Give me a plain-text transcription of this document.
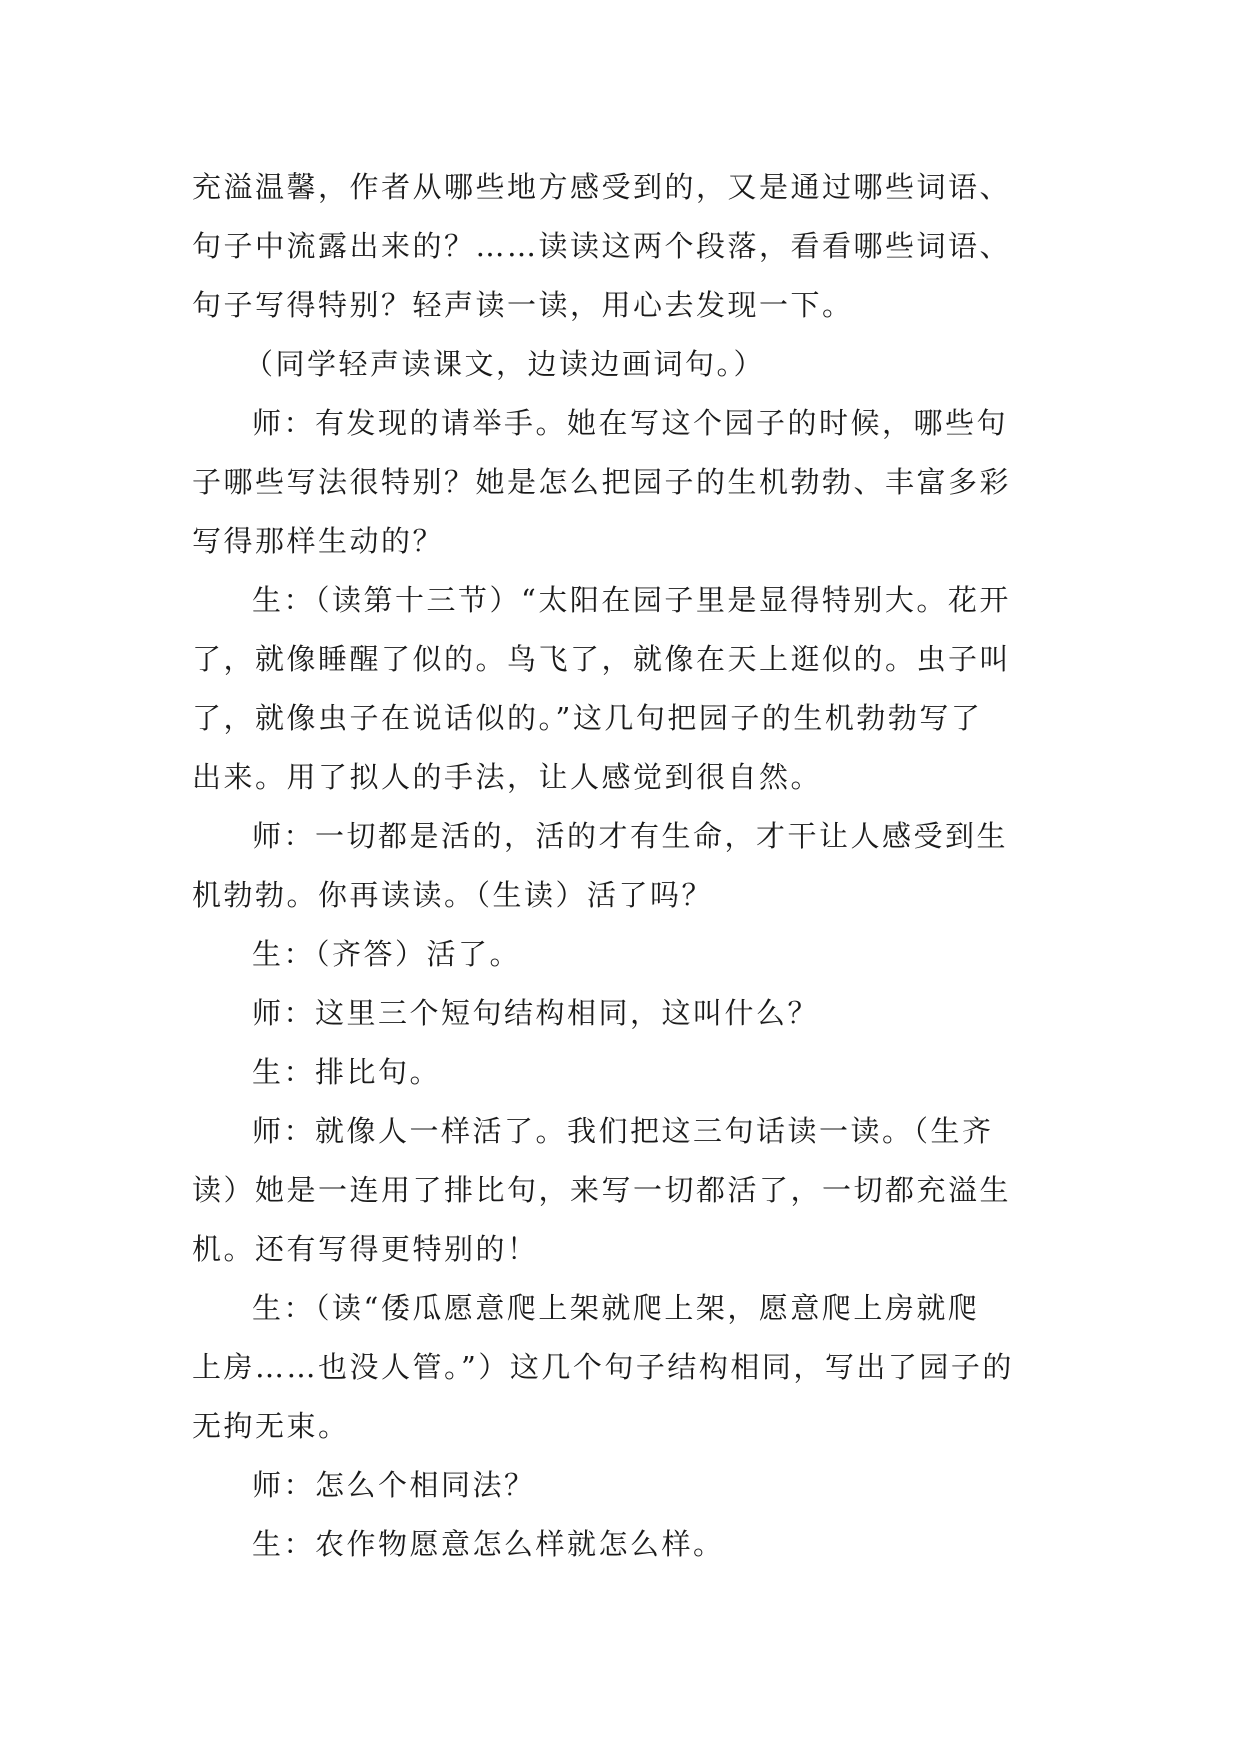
充溢温馨，作者从哪些地方感受到的，又是通过哪些词语、
句子中流露出来的？……读读这两个段落，看看哪些词语、
句子写得特别？轻声读一读，用心去发现一下。
（同学轻声读课文，边读边画词句。）
师：有发现的请举手。她在写这个园子的时候，哪些句
子哪些写法很特别？她是怎么把园子的生机勃勃、丰富多彩
写得那样生动的？
生：（读第十三节）“太阳在园子里是显得特别大。花开
了，就像睡醒了似的。鸟飞了，就像在天上逛似的。虫子叫
了，就像虫子在说话似的。”这几句把园子的生机勃勃写了
出来。用了拟人的手法，让人感觉到很自然。
师：一切都是活的，活的才有生命，才干让人感受到生
机勃勃。你再读读。（生读）活了吗？
生：（齐答）活了。
师：这里三个短句结构相同，这叫什么？
生：排比句。
师：就像人一样活了。我们把这三句话读一读。（生齐
读）她是一连用了排比句，来写一切都活了，一切都充溢生
机。还有写得更特别的！
生：（读“倭瓜愿意爬上架就爬上架，愿意爬上房就爬
上房……也没人管。”）这几个句子结构相同，写出了园子的
无拘无束。
师：怎么个相同法？
生：农作物愿意怎么样就怎么样。
